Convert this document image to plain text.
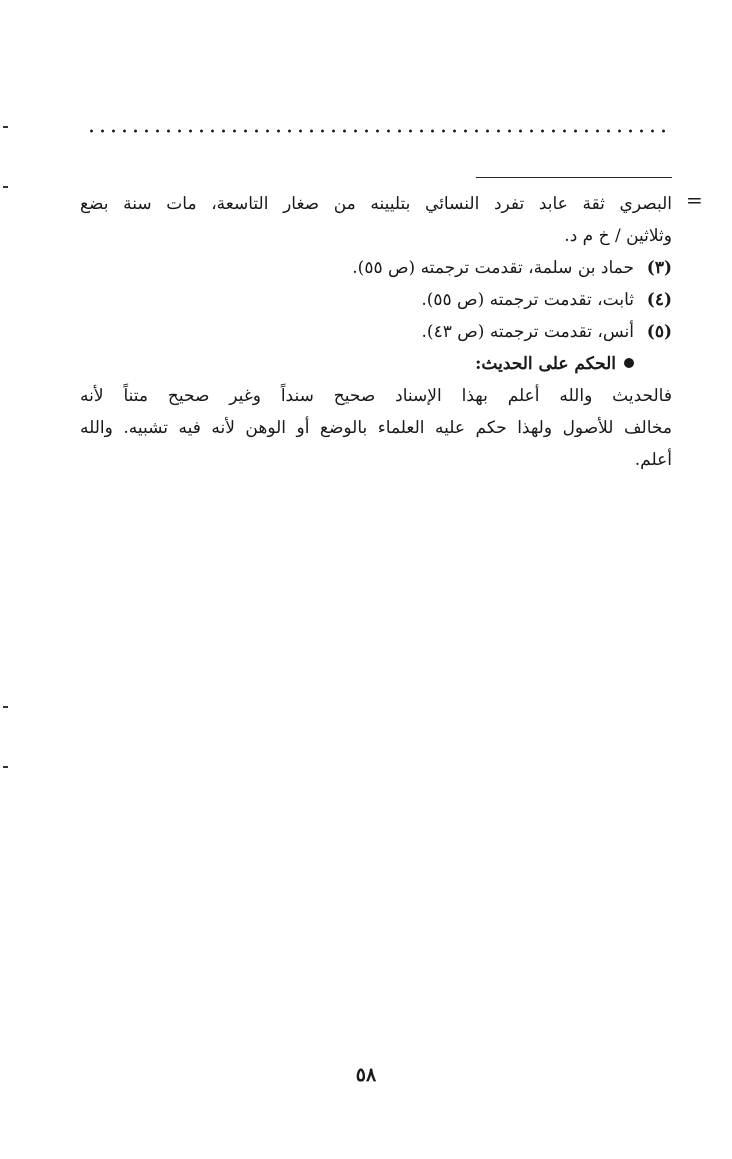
=
البصري ثقة عابد تفرد النسائي بتليينه من صغار التاسعة، مات سنة بضع
وثلاثين / خ م د.
(٣)
حماد بن سلمة، تقدمت ترجمته (ص ٥٥).
(٤)
ثابت، تقدمت ترجمته (ص ٥٥).
(٥)
أنس، تقدمت ترجمته (ص ٤٣).
الحكم على الحديث:
فالحديث والله أعلم بهذا الإسناد صحيح سنداً وغير صحيح متناً لأنه
مخالف للأصول ولهذا حكم عليه العلماء بالوضع أو الوهن لأنه فيه تشبيه. والله
أعلم.
٥٨
